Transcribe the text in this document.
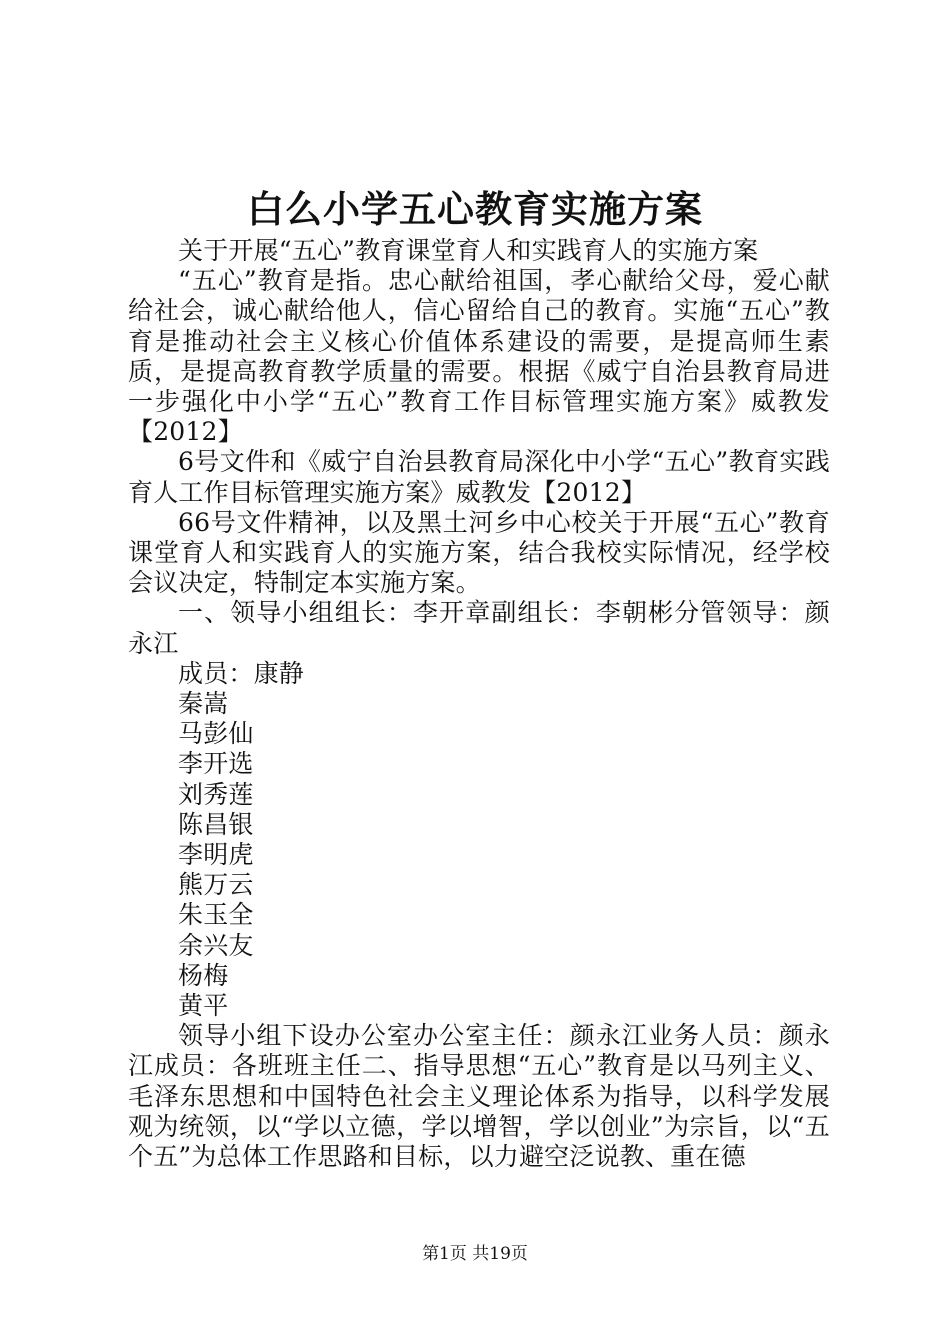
白么小学五心教育实施方案

关于开展“五心”教育课堂育人和实践育人的实施方案

“五心”教育是指。忠心献给祖国，孝心献给父母，爱心献给社会，诚心献给他人，信心留给自己的教育。实施“五心”教育是推动社会主义核心价值体系建设的需要，是提高师生素质，是提高教育教学质量的需要。根据《威宁自治县教育局进一步强化中小学“五心”教育工作目标管理实施方案》威教发【2012】

6号文件和《威宁自治县教育局深化中小学“五心”教育实践育人工作目标管理实施方案》威教发【2012】

66号文件精神，以及黑土河乡中心校关于开展“五心”教育课堂育人和实践育人的实施方案，结合我校实际情况，经学校会议决定，特制定本实施方案。

一、领导小组组长：李开章副组长：李朝彬分管领导：颜永江

成员：康静

秦嵩

马彭仙

李开选

刘秀莲

陈昌银

李明虎

熊万云

朱玉全

余兴友

杨梅

黄平

领导小组下设办公室办公室主任：颜永江业务人员：颜永江成员：各班班主任二、指导思想“五心”教育是以马列主义、毛泽东思想和中国特色社会主义理论体系为指导，以科学发展观为统领，以“学以立德，学以增智，学以创业”为宗旨，以“五个五”为总体工作思路和目标，以力避空泛说教、重在德

第1页 共19页
